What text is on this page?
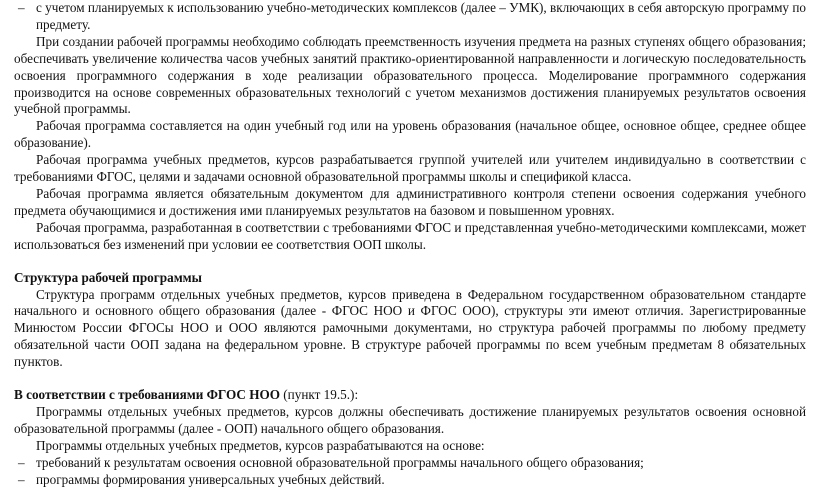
– с учетом планируемых к использованию учебно-методических комплексов (далее – УМК), включающих в себя авторскую программу по предмету.

При создании рабочей программы необходимо соблюдать преемственность изучения предмета на разных ступенях общего образования; обеспечивать увеличение количества часов учебных занятий практико-ориентированной направленности и логическую последовательность освоения программного содержания в ходе реализации образовательного процесса. Моделирование программного содержания производится на основе современных образовательных технологий с учетом механизмов достижения планируемых результатов освоения учебной программы.

Рабочая программа составляется на один учебный год или на уровень образования (начальное общее, основное общее, среднее общее образование).

Рабочая программа учебных предметов, курсов разрабатывается группой учителей или учителем индивидуально в соответствии с требованиями ФГОС, целями и задачами основной образовательной программы школы и спецификой класса.

Рабочая программа является обязательным документом для административного контроля степени освоения содержания учебного предмета обучающимися и достижения ими планируемых результатов на базовом и повышенном уровнях.

Рабочая программа, разработанная в соответствии с требованиями ФГОС и представленная учебно-методическими комплексами, может использоваться без изменений при условии ее соответствия ООП школы.

Структура рабочей программы

Структура программ отдельных учебных предметов, курсов приведена в Федеральном государственном образовательном стандарте начального и основного общего образования (далее - ФГОС НОО и ФГОС ООО), структуры эти имеют отличия. Зарегистрированные Минюстом России ФГОСы НОО и ООО являются рамочными документами, но структура рабочей программы по любому предмету обязательной части ООП задана на федеральном уровне. В структуре рабочей программы по всем учебным предметам 8 обязательных пунктов.

В соответствии с требованиями ФГОС НОО (пункт 19.5.):

Программы отдельных учебных предметов, курсов должны обеспечивать достижение планируемых результатов освоения основной образовательной программы (далее - ООП) начального общего образования.

Программы отдельных учебных предметов, курсов разрабатываются на основе:

– требований к результатам освоения основной образовательной программы начального общего образования;

– программы формирования универсальных учебных действий.
